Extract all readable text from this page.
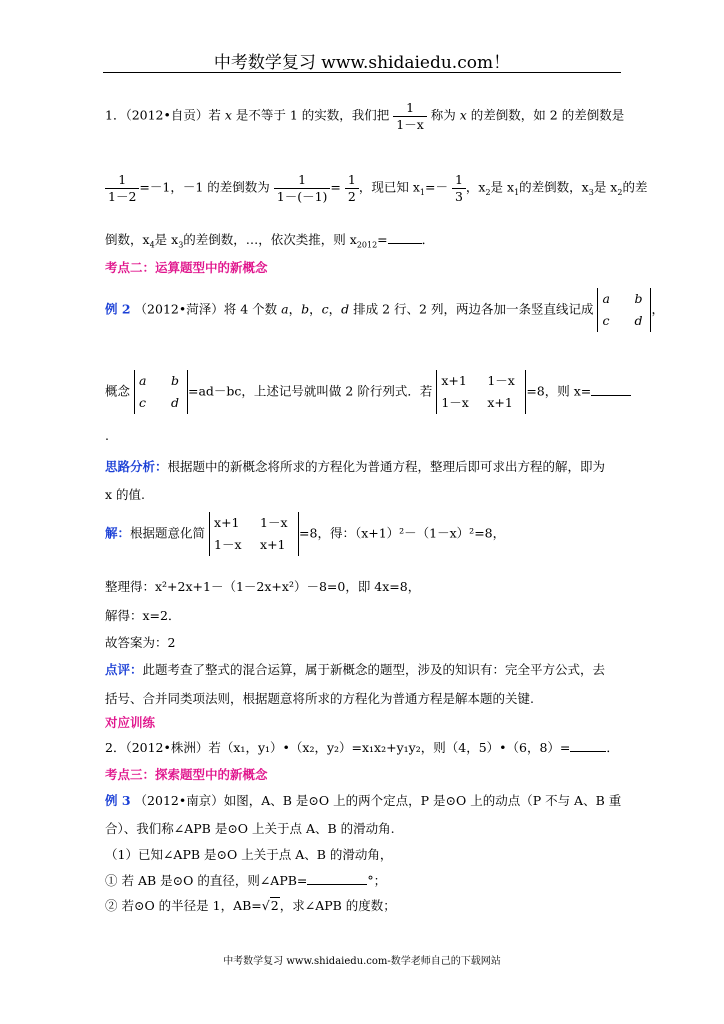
中考数学复习 www.shidaiedu.com！
1．（2012•自贡）若 x 是不等于 1 的实数，我们把 $\frac{1}{1-x}$ 称为 x 的差倒数，如 2 的差倒数是
$\frac{1}{1-2} =-1$，－1 的差倒数为 $\frac{1}{1-(-1)} = \frac{1}{2}$ ，现已知 $x_1=- \frac{1}{3}$ ，$x_2$是 $x_1$的差倒数，$x_3$是 $x_2$的差
倒数，$x_4$是 $x_3$的差倒数，…，依次类推，则 $x_{2012}=$	．
考点二：运算题型中的新概念
例 2 （2012•菏泽）将 4 个数 a，b，c，d 排成 2 行、2 列，两边各加一条竖直线记成
a b
c d
，
概念
a b
c d
=ad－bc，上述记号就叫做 2 阶行列式．若
x+1 1－x
1－x x+1
=8，则 x=
.
思路分析：根据题中的新概念将所求的方程化为普通方程，整理后即可求出方程的解，即为
x 的值.
解：根据题意化简
x+1 1－x
1－x x+1
=8，得：（x+1）²－（1－x）²=8，
整理得：x²+2x+1－（1－2x+x²）－8=0，即 4x=8，
解得：x=2．
故答案为：2
点评：此题考查了整式的混合运算，属于新概念的题型，涉及的知识有：完全平方公式，去
括号、合并同类项法则，根据题意将所求的方程化为普通方程是解本题的关键.
对应训练
2．（2012•株洲）若（x₁，y₁）•（x₂，y₂）=x₁x₂+y₁y₂，则（4，5）•（6，8）=	．
考点三：探索题型中的新概念
例 3 （2012•南京）如图，A、B 是⊙O 上的两个定点，P 是⊙O 上的动点（P 不与 A、B 重
合）、我们称∠APB 是⊙O 上关于点 A、B 的滑动角.
（1）已知∠APB 是⊙O 上关于点 A、B 的滑动角，
① 若 AB 是⊙O 的直径，则∠APB=	°；
② 若⊙O 的半径是 1，AB=√2，求∠APB 的度数；
中考数学复习 www.shidaiedu.com-数学老师自己的下载网站
